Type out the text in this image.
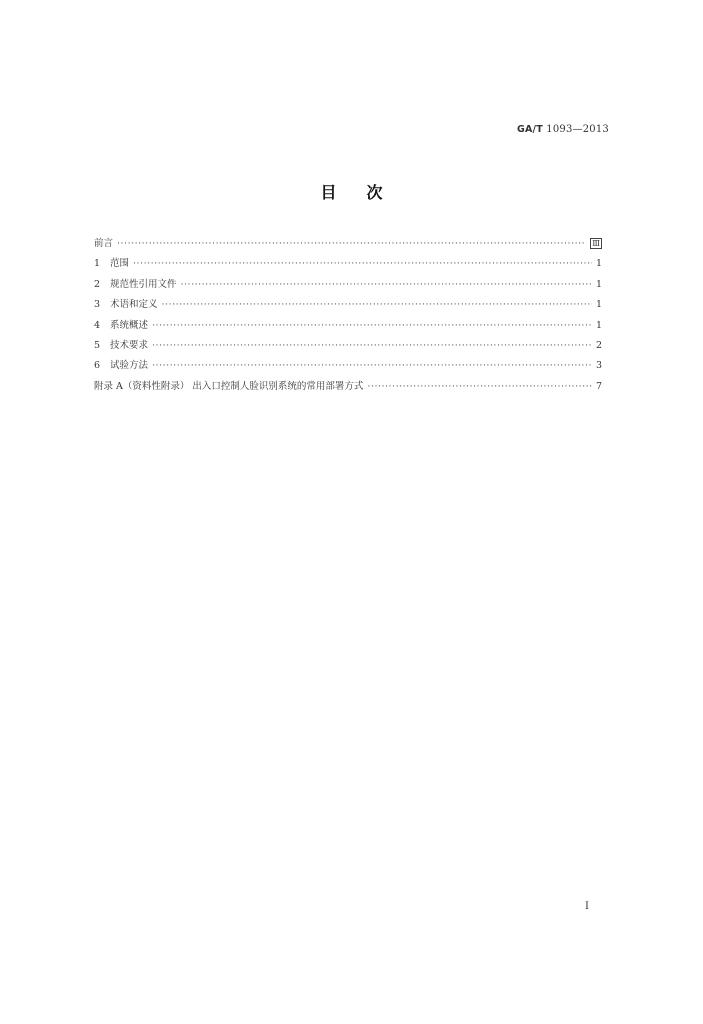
GA/T 1093—2013
目次
前言 ·····	Ⅲ
1 范围 ·····	1
2 规范性引用文件 ·····	1
3 术语和定义 ·····	1
4 系统概述 ·····	1
5 技术要求 ·····	2
6 试验方法 ·····	3
附录 A（资料性附录） 出入口控制人脸识别系统的常用部署方式 ·····	7
I
